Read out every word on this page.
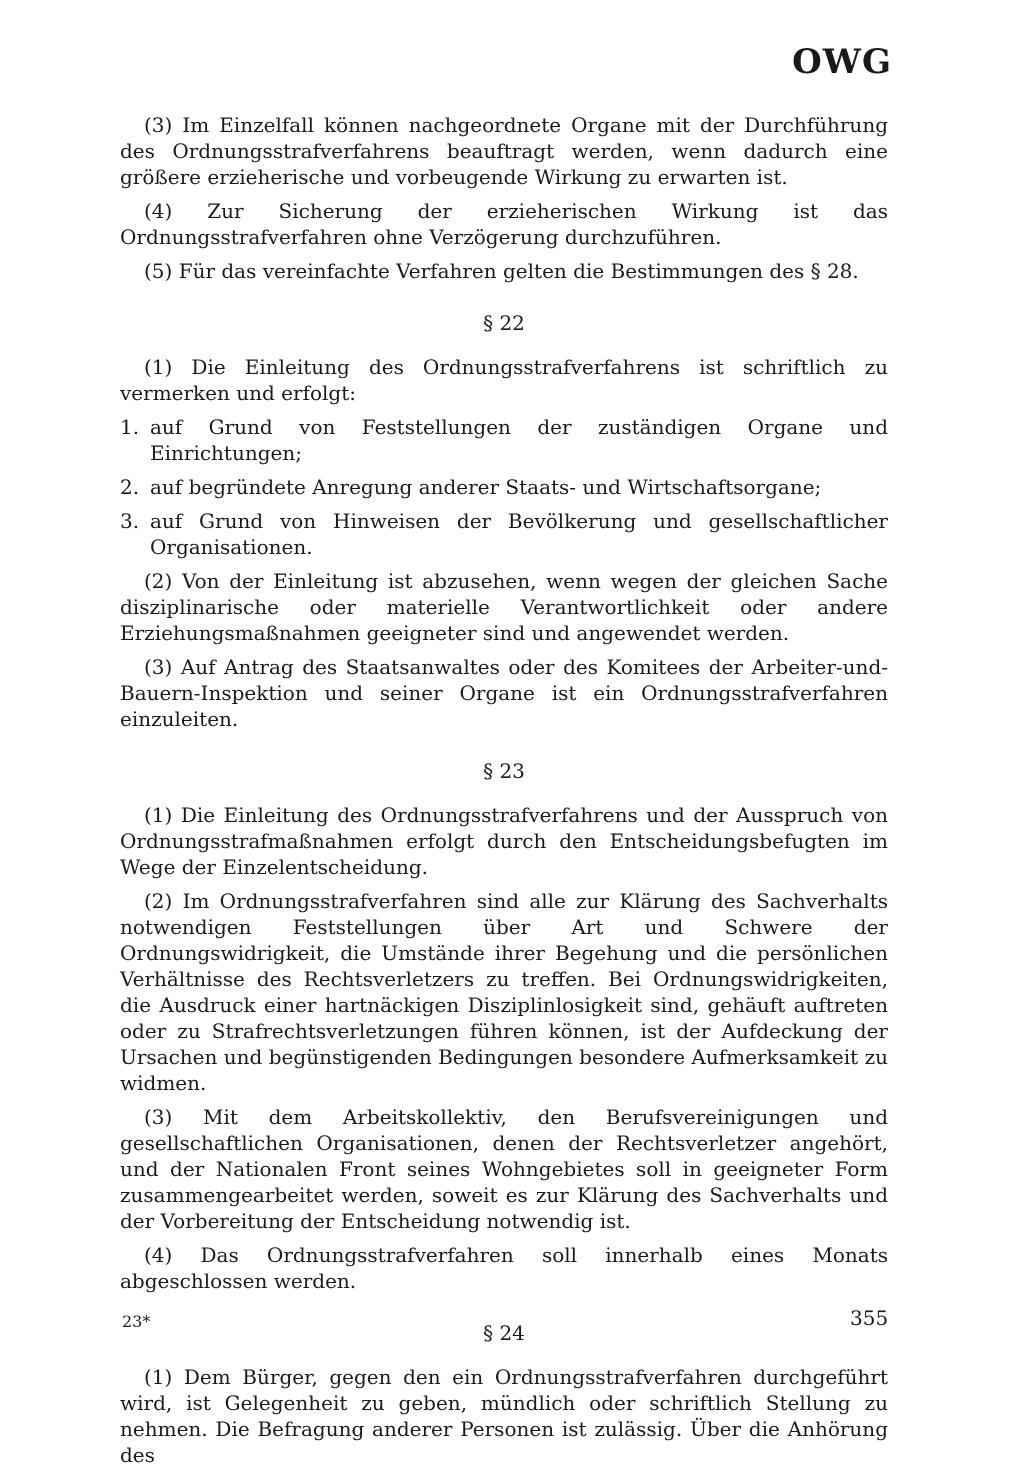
OWG

(3) Im Einzelfall können nachgeordnete Organe mit der Durchführung des Ordnungsstrafverfahrens beauftragt werden, wenn dadurch eine größere erzieherische und vorbeugende Wirkung zu erwarten ist.

(4) Zur Sicherung der erzieherischen Wirkung ist das Ordnungsstrafverfahren ohne Verzögerung durchzuführen.

(5) Für das vereinfachte Verfahren gelten die Bestimmungen des § 28.

§ 22

(1) Die Einleitung des Ordnungsstrafverfahrens ist schriftlich zu vermerken und erfolgt:

1. auf Grund von Feststellungen der zuständigen Organe und Einrichtungen;
2. auf begründete Anregung anderer Staats- und Wirtschaftsorgane;
3. auf Grund von Hinweisen der Bevölkerung und gesellschaftlicher Organisationen.

(2) Von der Einleitung ist abzusehen, wenn wegen der gleichen Sache disziplinarische oder materielle Verantwortlichkeit oder andere Erziehungsmaßnahmen geeigneter sind und angewendet werden.

(3) Auf Antrag des Staatsanwaltes oder des Komitees der Arbeiter-und-Bauern-Inspektion und seiner Organe ist ein Ordnungsstrafverfahren einzuleiten.

§ 23

(1) Die Einleitung des Ordnungsstrafverfahrens und der Ausspruch von Ordnungsstrafmaßnahmen erfolgt durch den Entscheidungsbefugten im Wege der Einzelentscheidung.

(2) Im Ordnungsstrafverfahren sind alle zur Klärung des Sachverhalts notwendigen Feststellungen über Art und Schwere der Ordnungswidrigkeit, die Umstände ihrer Begehung und die persönlichen Verhältnisse des Rechtsverletzers zu treffen. Bei Ordnungswidrigkeiten, die Ausdruck einer hartnäckigen Disziplinlosigkeit sind, gehäuft auftreten oder zu Strafrechtsverletzungen führen können, ist der Aufdeckung der Ursachen und begünstigenden Bedingungen besondere Aufmerksamkeit zu widmen.

(3) Mit dem Arbeitskollektiv, den Berufsvereinigungen und gesellschaftlichen Organisationen, denen der Rechtsverletzer angehört, und der Nationalen Front seines Wohngebietes soll in geeigneter Form zusammengearbeitet werden, soweit es zur Klärung des Sachverhalts und der Vorbereitung der Entscheidung notwendig ist.

(4) Das Ordnungsstrafverfahren soll innerhalb eines Monats abgeschlossen werden.

§ 24

(1) Dem Bürger, gegen den ein Ordnungsstrafverfahren durchgeführt wird, ist Gelegenheit zu geben, mündlich oder schriftlich Stellung zu nehmen. Die Befragung anderer Personen ist zulässig. Über die Anhörung des

23*	355
